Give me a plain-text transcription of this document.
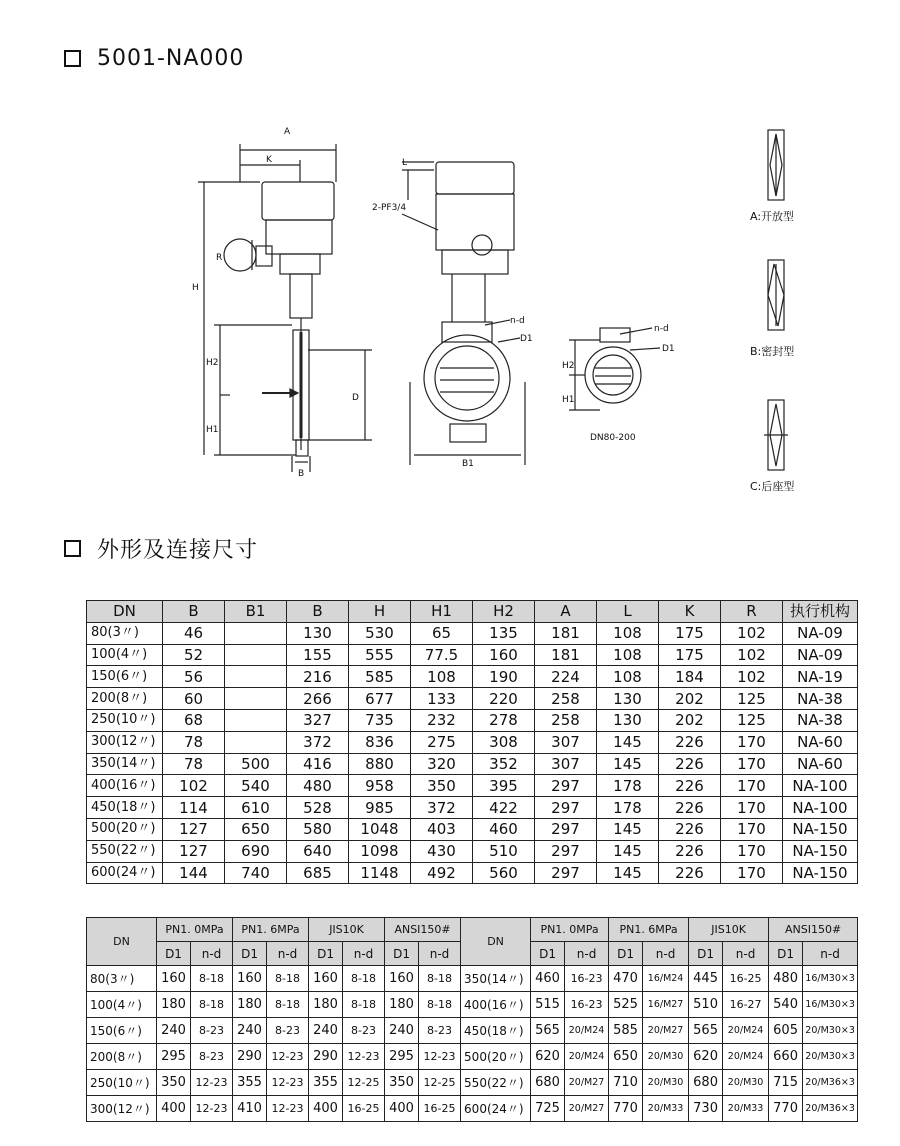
5001-NA000
A
K	L
R
H
H2
H1
B
D
B1
n-d
D1
2-PF3/4
DN80-200
H2
H1
n-d
D1
A:开放型
B:密封型
C:后座型
外形及连接尺寸
DN	B	B1	B	H	H1	H2	A	L	K	R	执行机构
80(3〃)	46		130	530	65	135	181	108	175	102	NA-09
100(4〃)	52		155	555	77.5	160	181	108	175	102	NA-09
150(6〃)	56		216	585	108	190	224	108	184	102	NA-19
200(8〃)	60		266	677	133	220	258	130	202	125	NA-38
250(10〃)	68		327	735	232	278	258	130	202	125	NA-38
300(12〃)	78		372	836	275	308	307	145	226	170	NA-60
350(14〃)	78	500	416	880	320	352	307	145	226	170	NA-60
400(16〃)	102	540	480	958	350	395	297	178	226	170	NA-100
450(18〃)	114	610	528	985	372	422	297	178	226	170	NA-100
500(20〃)	127	650	580	1048	403	460	297	145	226	170	NA-150
550(22〃)	127	690	640	1098	430	510	297	145	226	170	NA-150
600(24〃)	144	740	685	1148	492	560	297	145	226	170	NA-150
DN	PN1. 0MPa		PN1. 6MPa		JIS10K		ANSI150#		DN	PN1. 0MPa		PN1. 6MPa		JIS10K		ANSI150#	
	D1	n-d	D1	n-d	D1	n-d	D1	n-d		D1	n-d	D1	n-d	D1	n-d	D1	n-d
80(3〃)	160	8-18	160	8-18	160	8-18	160	8-18	350(14〃)	460	16-23	470	16/M24	445	16-25	480	16/M30×3
100(4〃)	180	8-18	180	8-18	180	8-18	180	8-18	400(16〃)	515	16-23	525	16/M27	510	16-27	540	16/M30×3
150(6〃)	240	8-23	240	8-23	240	8-23	240	8-23	450(18〃)	565	20/M24	585	20/M27	565	20/M24	605	20/M30×3
200(8〃)	295	8-23	290	12-23	290	12-23	295	12-23	500(20〃)	620	20/M24	650	20/M30	620	20/M24	660	20/M30×3
250(10〃)	350	12-23	355	12-23	355	12-25	350	12-25	550(22〃)	680	20/M27	710	20/M30	680	20/M30	715	20/M36×3
300(12〃)	400	12-23	410	12-23	400	16-25	400	16-25	600(24〃)	725	20/M27	770	20/M33	730	20/M33	770	20/M36×3
